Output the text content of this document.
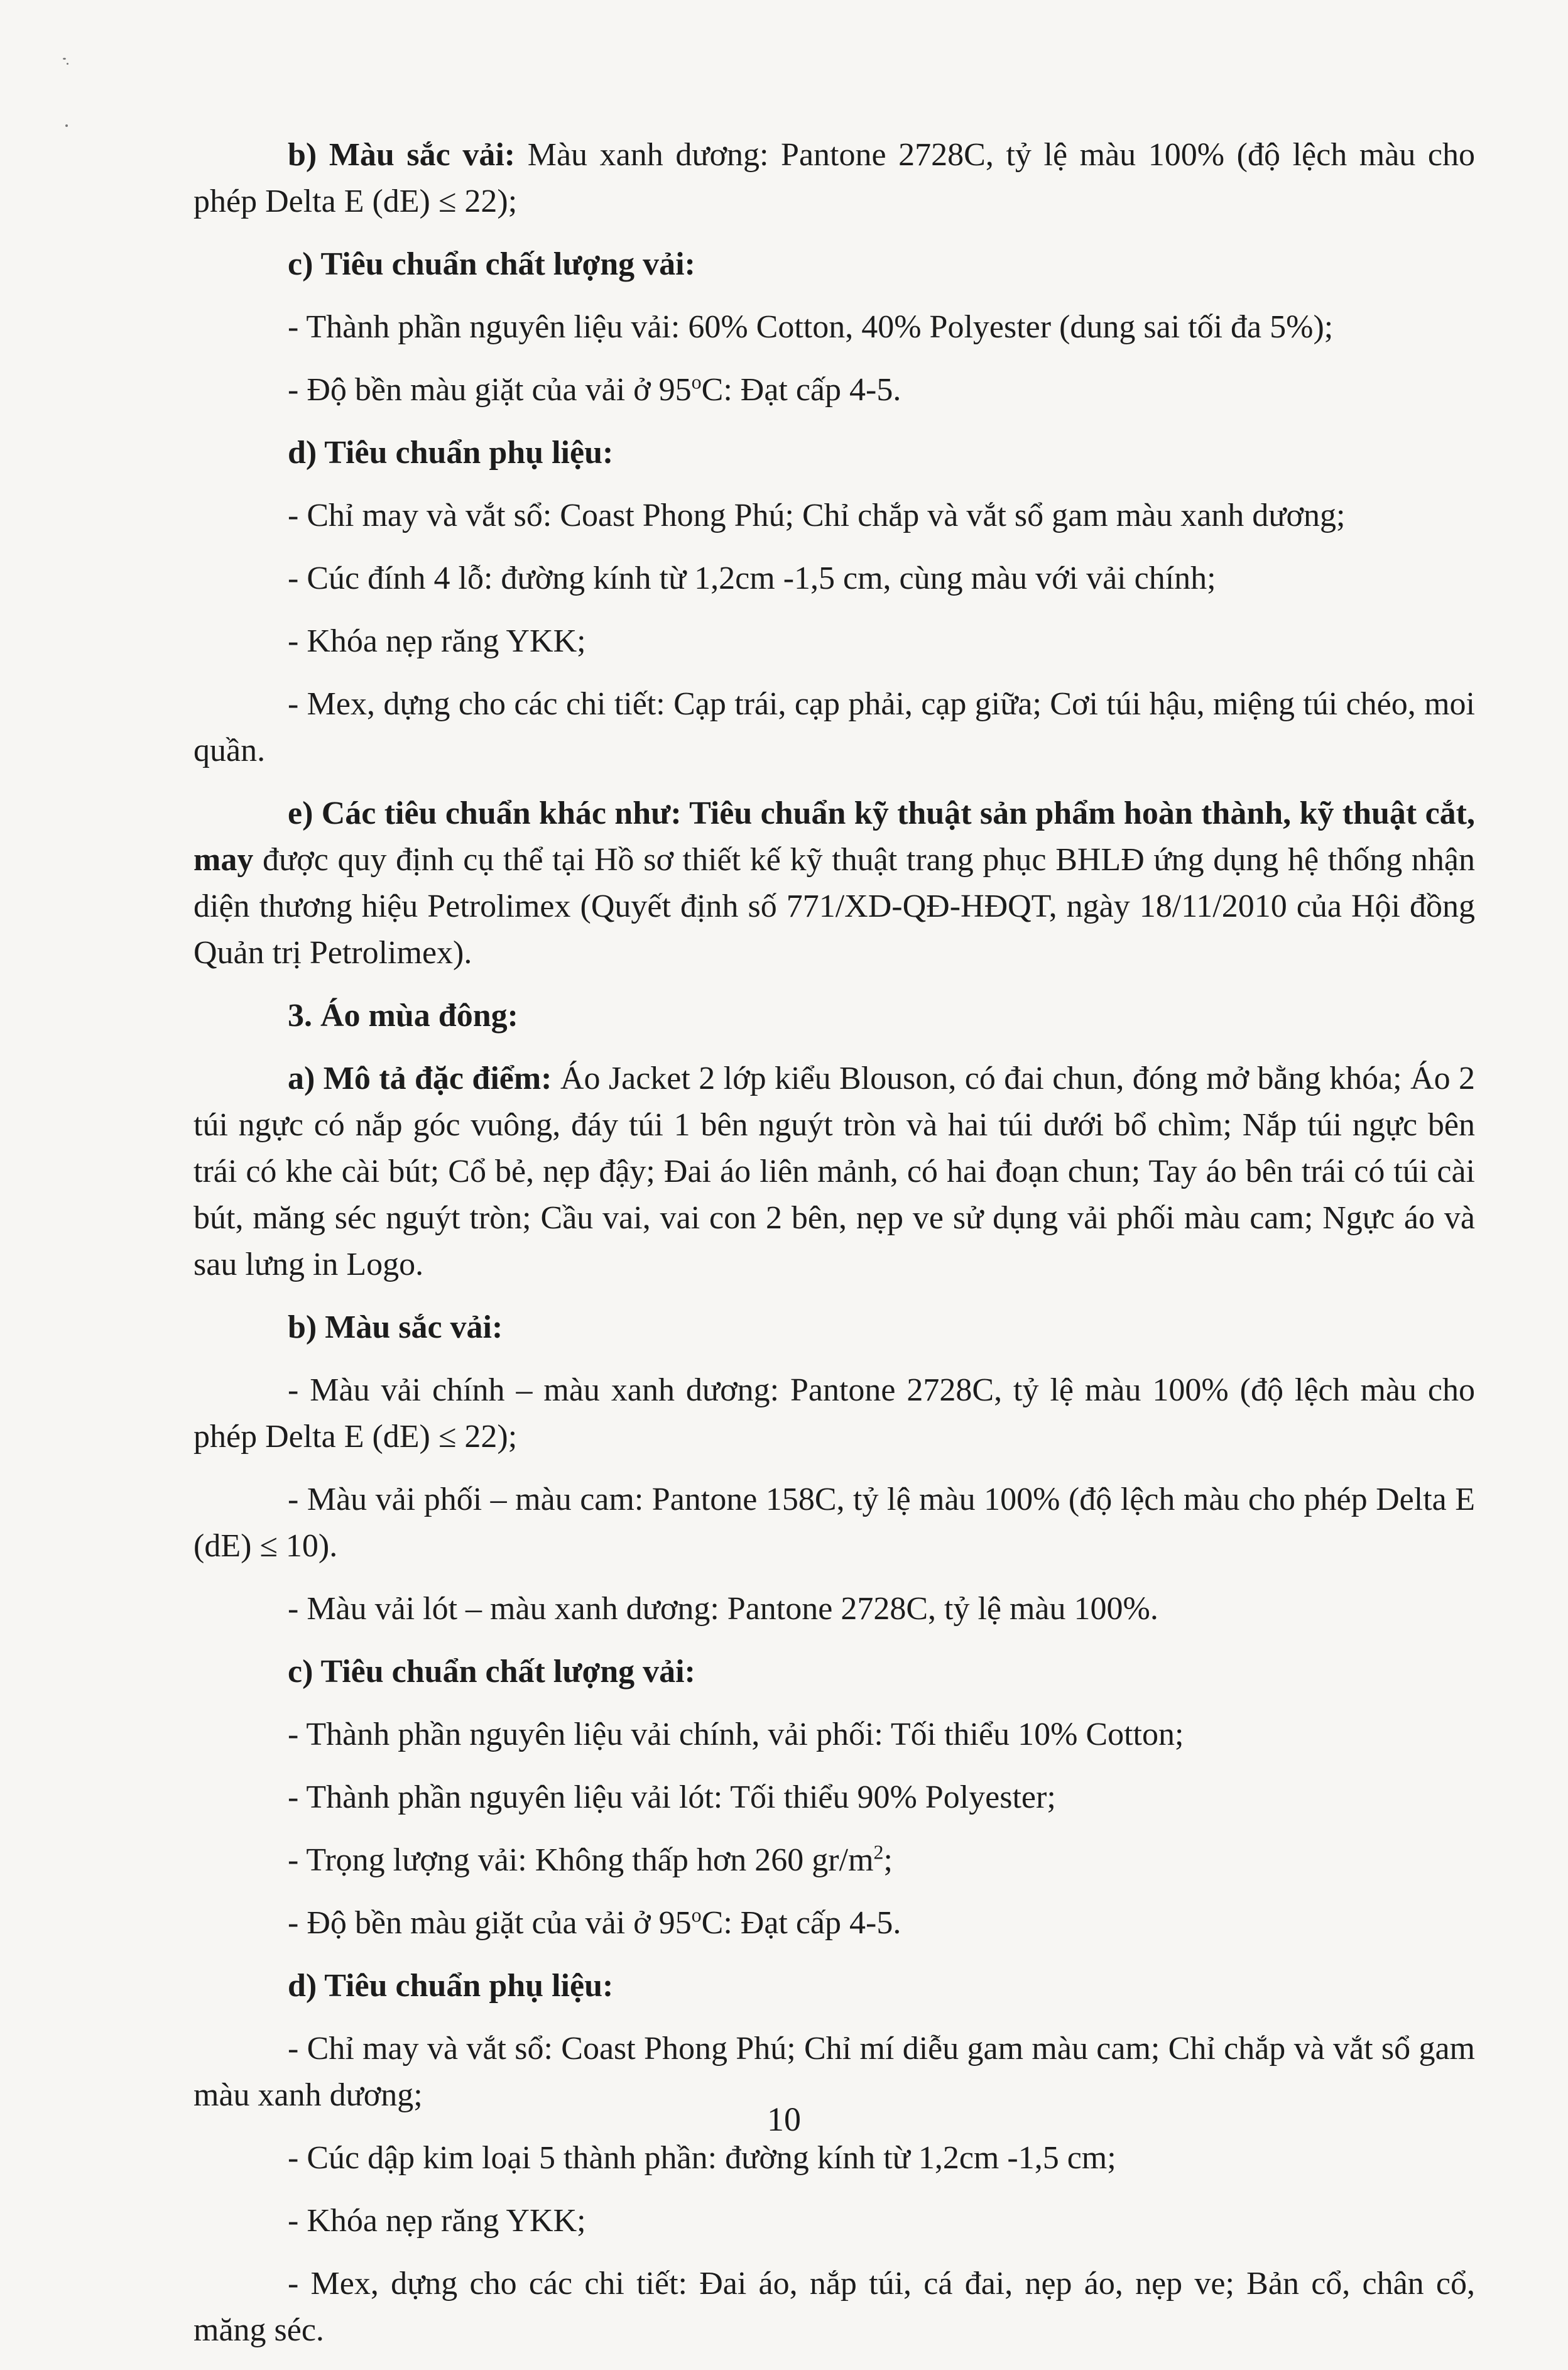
b) Màu sắc vải: Màu xanh dương: Pantone 2728C, tỷ lệ màu 100% (độ lệch màu cho phép Delta E (dE) ≤ 22);

c) Tiêu chuẩn chất lượng vải:

- Thành phần nguyên liệu vải: 60% Cotton, 40% Polyester (dung sai tối đa 5%);

- Độ bền màu giặt của vải ở 95$^o$C: Đạt cấp 4-5.

d) Tiêu chuẩn phụ liệu:

- Chỉ may và vắt sổ: Coast Phong Phú; Chỉ chắp và vắt sổ gam màu xanh dương;

- Cúc đính 4 lỗ: đường kính từ 1,2cm -1,5 cm, cùng màu với vải chính;

- Khóa nẹp răng YKK;

- Mex, dựng cho các chi tiết: Cạp trái, cạp phải, cạp giữa; Cơi túi hậu, miệng túi chéo, moi quần.

e) Các tiêu chuẩn khác như: Tiêu chuẩn kỹ thuật sản phẩm hoàn thành, kỹ thuật cắt, may được quy định cụ thể tại Hồ sơ thiết kế kỹ thuật trang phục BHLĐ ứng dụng hệ thống nhận diện thương hiệu Petrolimex (Quyết định số 771/XD-QĐ-HĐQT, ngày 18/11/2010 của Hội đồng Quản trị Petrolimex).

3. Áo mùa đông:

a) Mô tả đặc điểm: Áo Jacket 2 lớp kiểu Blouson, có đai chun, đóng mở bằng khóa; Áo 2 túi ngực có nắp góc vuông, đáy túi 1 bên nguýt tròn và hai túi dưới bổ chìm; Nắp túi ngực bên trái có khe cài bút; Cổ bẻ, nẹp đậy; Đai áo liên mảnh, có hai đoạn chun; Tay áo bên trái có túi cài bút, măng séc nguýt tròn; Cầu vai, vai con 2 bên, nẹp ve sử dụng vải phối màu cam; Ngực áo và sau lưng in Logo.

b) Màu sắc vải:

- Màu vải chính – màu xanh dương: Pantone 2728C, tỷ lệ màu 100% (độ lệch màu cho phép Delta E (dE) ≤ 22);

- Màu vải phối – màu cam: Pantone 158C, tỷ lệ màu 100% (độ lệch màu cho phép Delta E (dE) ≤ 10).

- Màu vải lót – màu xanh dương: Pantone 2728C, tỷ lệ màu 100%.

c) Tiêu chuẩn chất lượng vải:

- Thành phần nguyên liệu vải chính, vải phối: Tối thiểu 10% Cotton;

- Thành phần nguyên liệu vải lót: Tối thiểu 90% Polyester;

- Trọng lượng vải: Không thấp hơn 260 $gr/m^2$;

- Độ bền màu giặt của vải ở 95$^o$C: Đạt cấp 4-5.

d) Tiêu chuẩn phụ liệu:

- Chỉ may và vắt sổ: Coast Phong Phú; Chỉ mí diễu gam màu cam; Chỉ chắp và vắt sổ gam màu xanh dương;

- Cúc dập kim loại 5 thành phần: đường kính từ 1,2cm -1,5 cm;

- Khóa nẹp răng YKK;

- Mex, dựng cho các chi tiết: Đai áo, nắp túi, cá đai, nẹp áo, nẹp ve; Bản cổ, chân cổ, măng séc.

10
